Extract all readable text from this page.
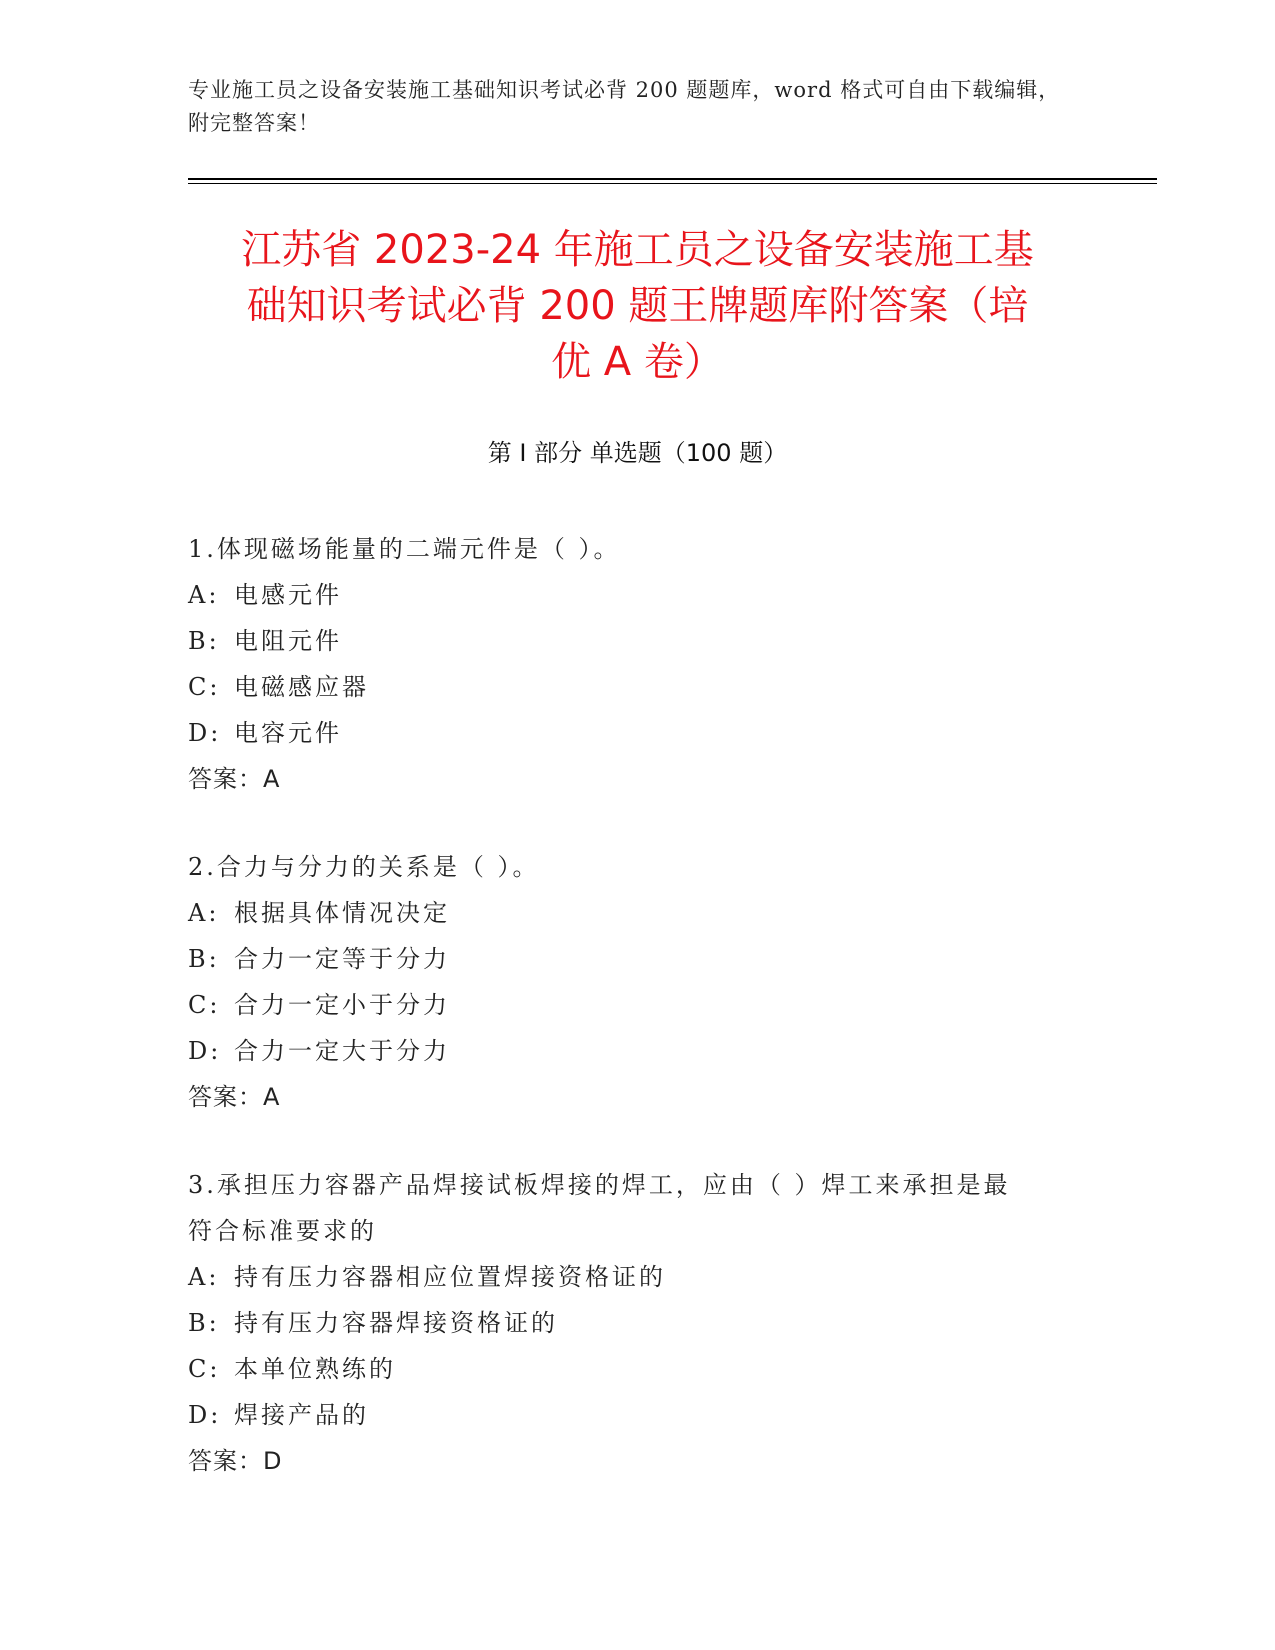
专业施工员之设备安装施工基础知识考试必背 200 题题库，word 格式可自由下载编辑，附完整答案！
江苏省 2023-24 年施工员之设备安装施工基
础知识考试必背 200 题王牌题库附答案（培
优 A 卷）
第 I 部分 单选题（100 题）
1.体现磁场能量的二端元件是（ ）。
A: 电感元件
B: 电阻元件
C: 电磁感应器
D: 电容元件
答案：A
2.合力与分力的关系是（ ）。
A: 根据具体情况决定
B: 合力一定等于分力
C: 合力一定小于分力
D: 合力一定大于分力
答案：A
3.承担压力容器产品焊接试板焊接的焊工，应由（ ）焊工来承担是最
符合标准要求的
A: 持有压力容器相应位置焊接资格证的
B: 持有压力容器焊接资格证的
C: 本单位熟练的
D: 焊接产品的
答案：D
